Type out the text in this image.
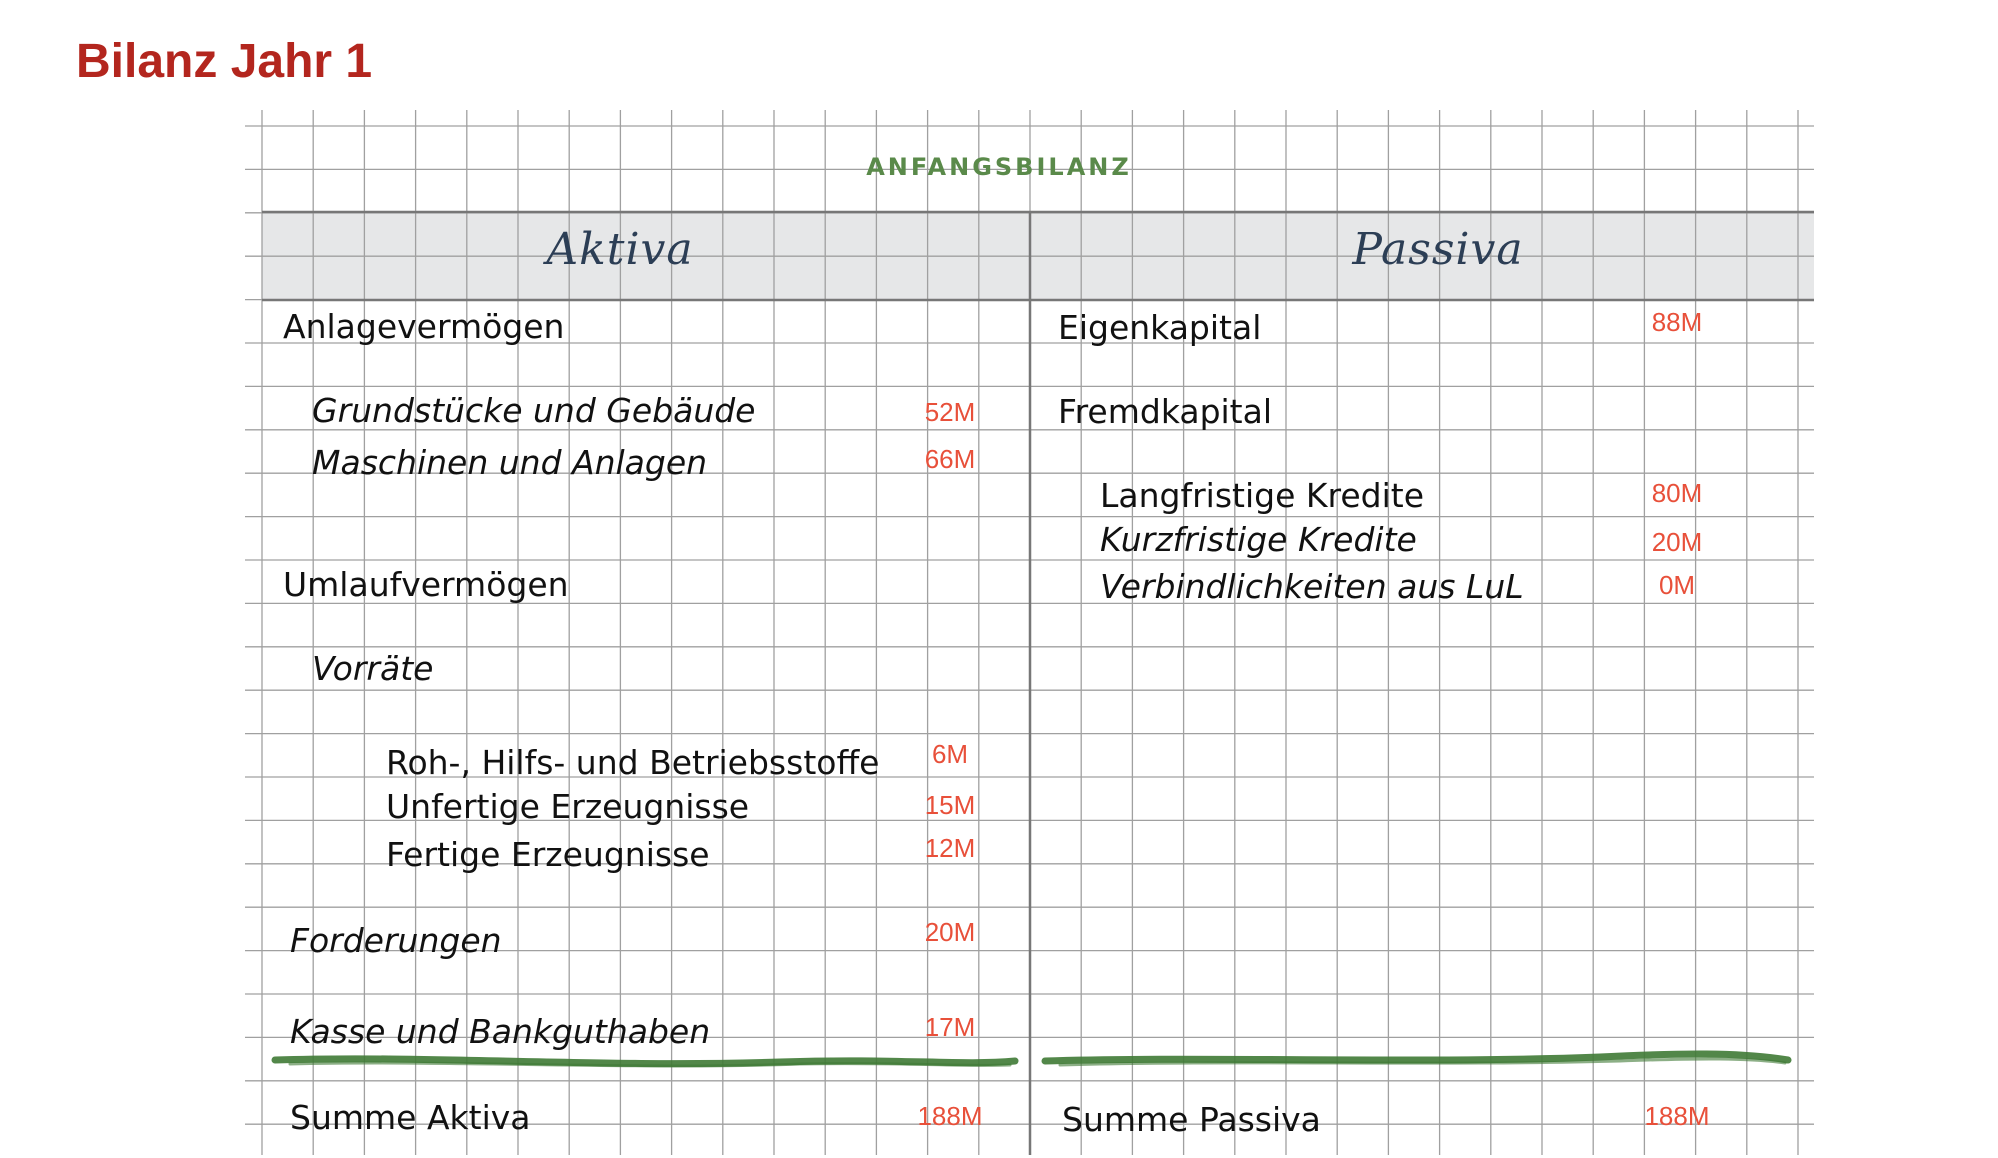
Bilanz Jahr 1
ANFANGSBILANZ
Aktiva	Passiva
Anlagevermögen
Grundstücke und Gebäude	52M
Maschinen und Anlagen	66M
Umlaufvermögen
Vorräte
Roh-, Hilfs- und Betriebsstoffe	6M
Unfertige Erzeugnisse	15M
Fertige Erzeugnisse	12M
Forderungen	20M
Kasse und Bankguthaben	17M
Summe Aktiva	188M
Eigenkapital	88M
Fremdkapital
Langfristige Kredite	80M
Kurzfristige Kredite	20M
Verbindlichkeiten aus LuL	0M
Summe Passiva	188M
